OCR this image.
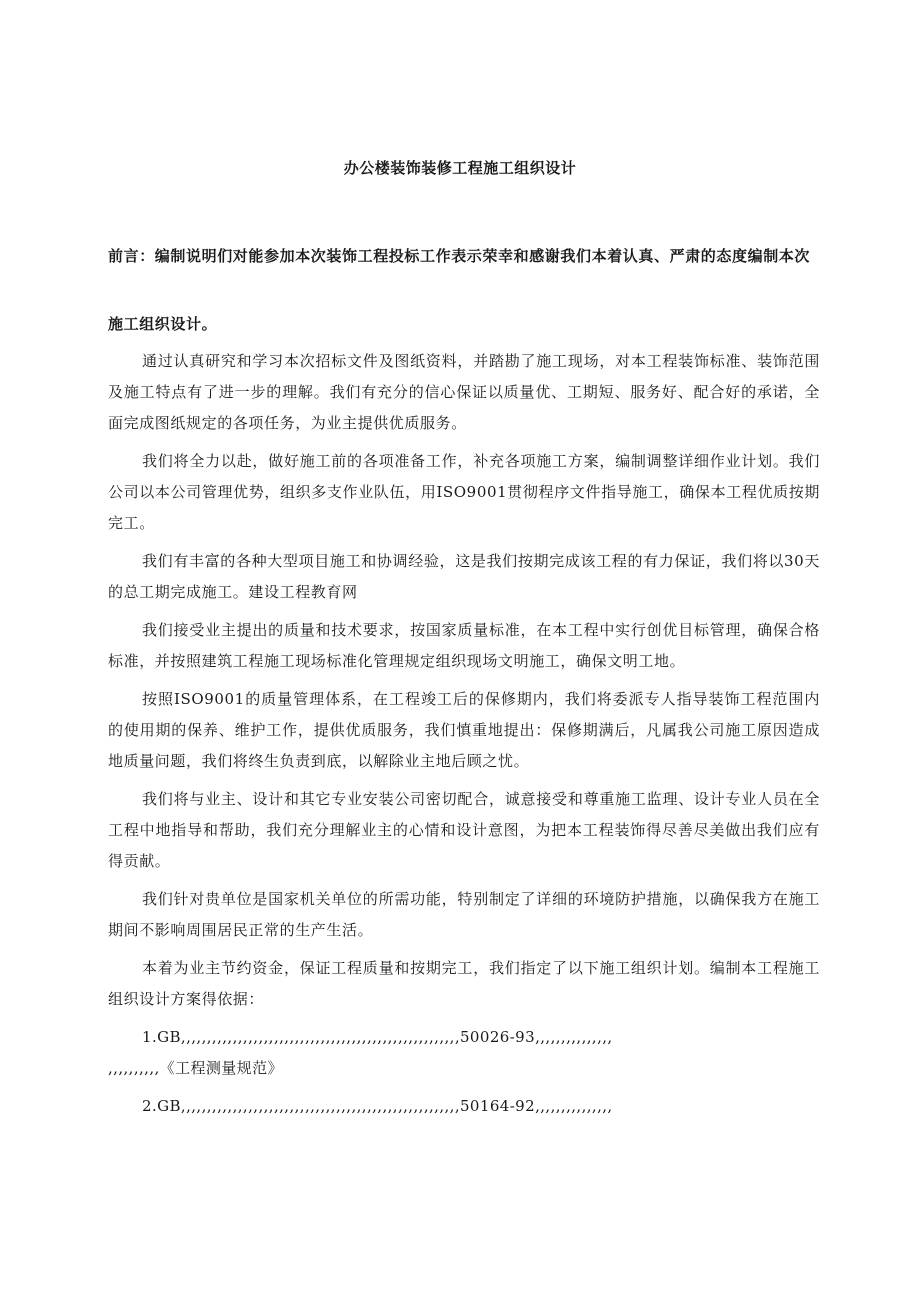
办公楼装饰装修工程施工组织设计
前言：编制说明们对能参加本次装饰工程投标工作表示荣幸和感谢我们本着认真、严肃的态度编制本次施工组织设计。

通过认真研究和学习本次招标文件及图纸资料，并踏勘了施工现场，对本工程装饰标准、装饰范围及施工特点有了进一步的理解。我们有充分的信心保证以质量优、工期短、服务好、配合好的承诺，全面完成图纸规定的各项任务，为业主提供优质服务。

我们将全力以赴，做好施工前的各项准备工作，补充各项施工方案，编制调整详细作业计划。我们公司以本公司管理优势，组织多支作业队伍，用ISO9001贯彻程序文件指导施工，确保本工程优质按期完工。

我们有丰富的各种大型项目施工和协调经验，这是我们按期完成该工程的有力保证，我们将以30天的总工期完成施工。建设工程教育网

我们接受业主提出的质量和技术要求，按国家质量标准，在本工程中实行创优目标管理，确保合格标准，并按照建筑工程施工现场标准化管理规定组织现场文明施工，确保文明工地。

按照ISO9001的质量管理体系，在工程竣工后的保修期内，我们将委派专人指导装饰工程范围内的使用期的保养、维护工作，提供优质服务，我们慎重地提出：保修期满后，凡属我公司施工原因造成地质量问题，我们将终生负责到底，以解除业主地后顾之忧。

我们将与业主、设计和其它专业安装公司密切配合，诚意接受和尊重施工监理、设计专业人员在全工程中地指导和帮助，我们充分理解业主的心情和设计意图，为把本工程装饰得尽善尽美做出我们应有得贡献。

我们针对贵单位是国家机关单位的所需功能，特别制定了详细的环境防护措施，以确保我方在施工期间不影响周围居民正常的生产生活。

本着为业主节约资金，保证工程质量和按期完工，我们指定了以下施工组织计划。编制本工程施工组织设计方案得依据：

1.GB,,,,,,,,,,,,,,,,,,,,,,,,,,,,,,,,,,,,,,,,,,,,,,,,,,,,,,50026-93,,,,,,,,,,,,,,,

,,,,,,,,,,《工程测量规范》

2.GB,,,,,,,,,,,,,,,,,,,,,,,,,,,,,,,,,,,,,,,,,,,,,,,,,,,,,,50164-92,,,,,,,,,,,,,,,
